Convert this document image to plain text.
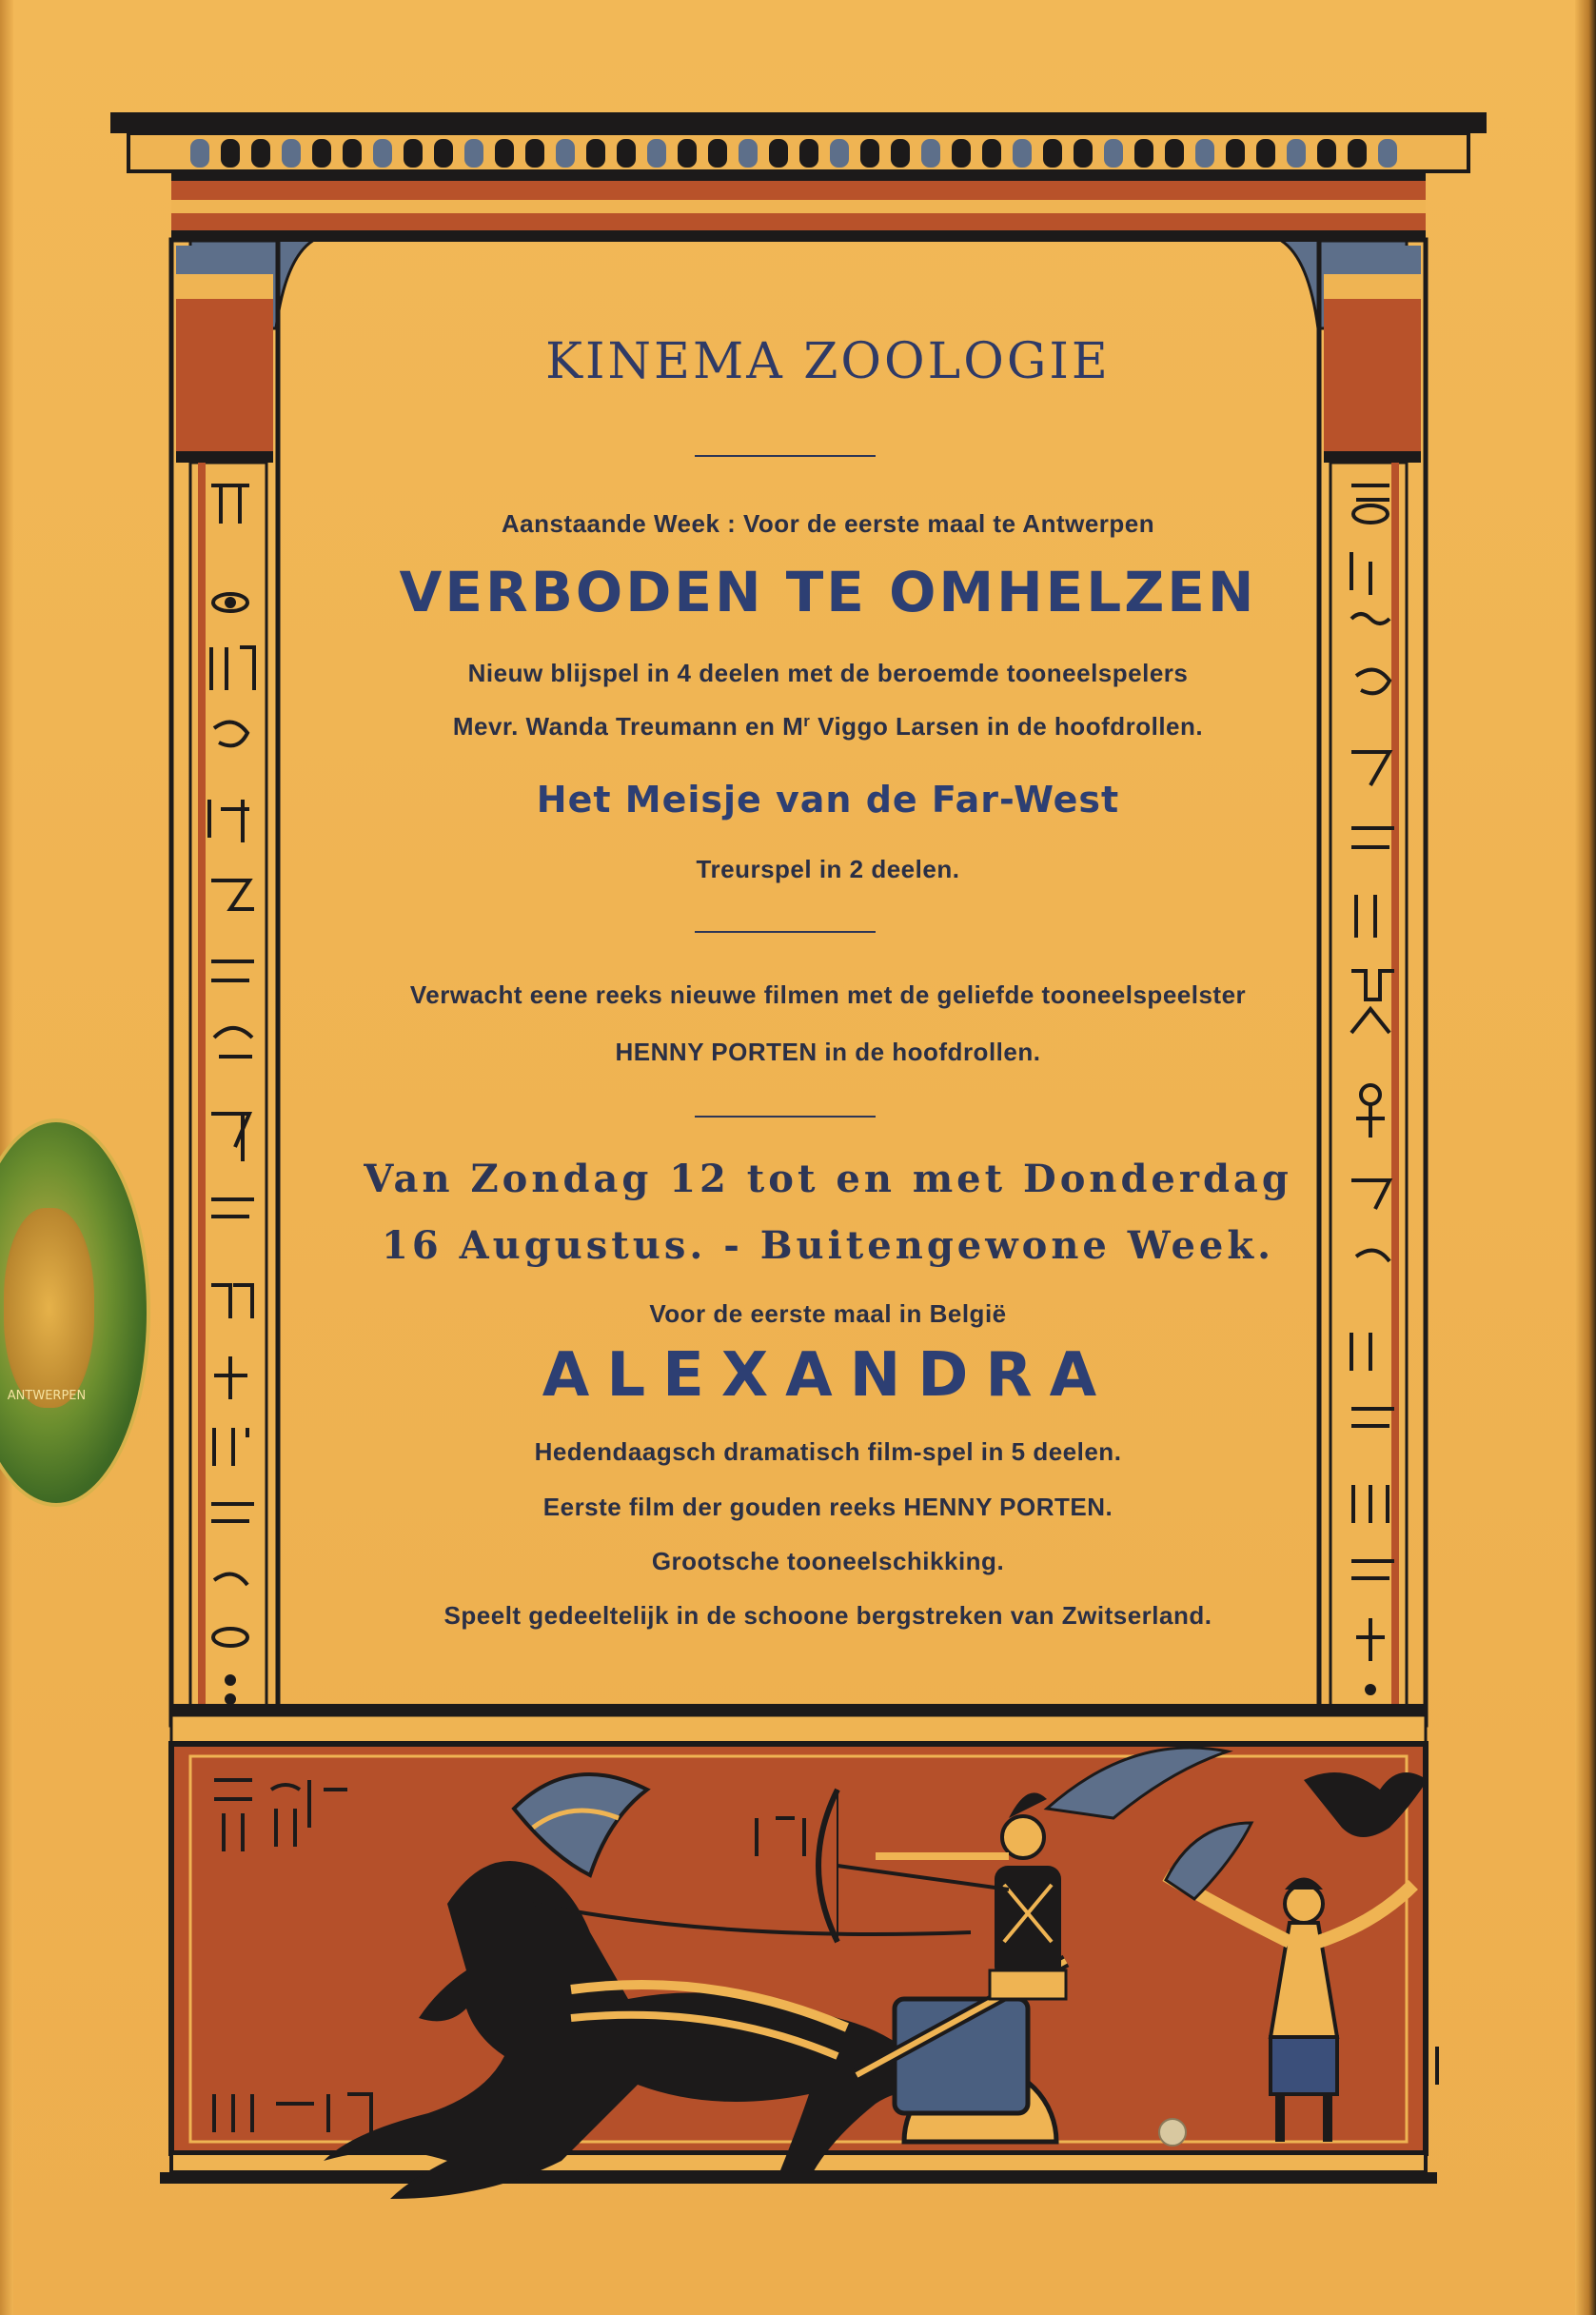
ANTWERPEN

KINEMA ZOOLOGIE

Aanstaande Week : Voor de eerste maal te Antwerpen

VERBODEN TE OMHELZEN

Nieuw blijspel in 4 deelen met de beroemde tooneelspelers

Mevr. Wanda Treumann en $M^r$ Viggo Larsen in de hoofdrollen.

Het Meisje van de Far-West

Treurspel in 2 deelen.

Verwacht eene reeks nieuwe filmen met de geliefde tooneelspeelster

HENNY PORTEN in de hoofdrollen.

Van Zondag 12 tot en met Donderdag

16 Augustus. - Buitengewone Week.

Voor de eerste maal in België

ALEXANDRA

Hedendaagsch dramatisch film-spel in 5 deelen.

Eerste film der gouden reeks HENNY PORTEN.

Grootsche tooneelschikking.

Speelt gedeeltelijk in de schoone bergstreken van Zwitserland.
